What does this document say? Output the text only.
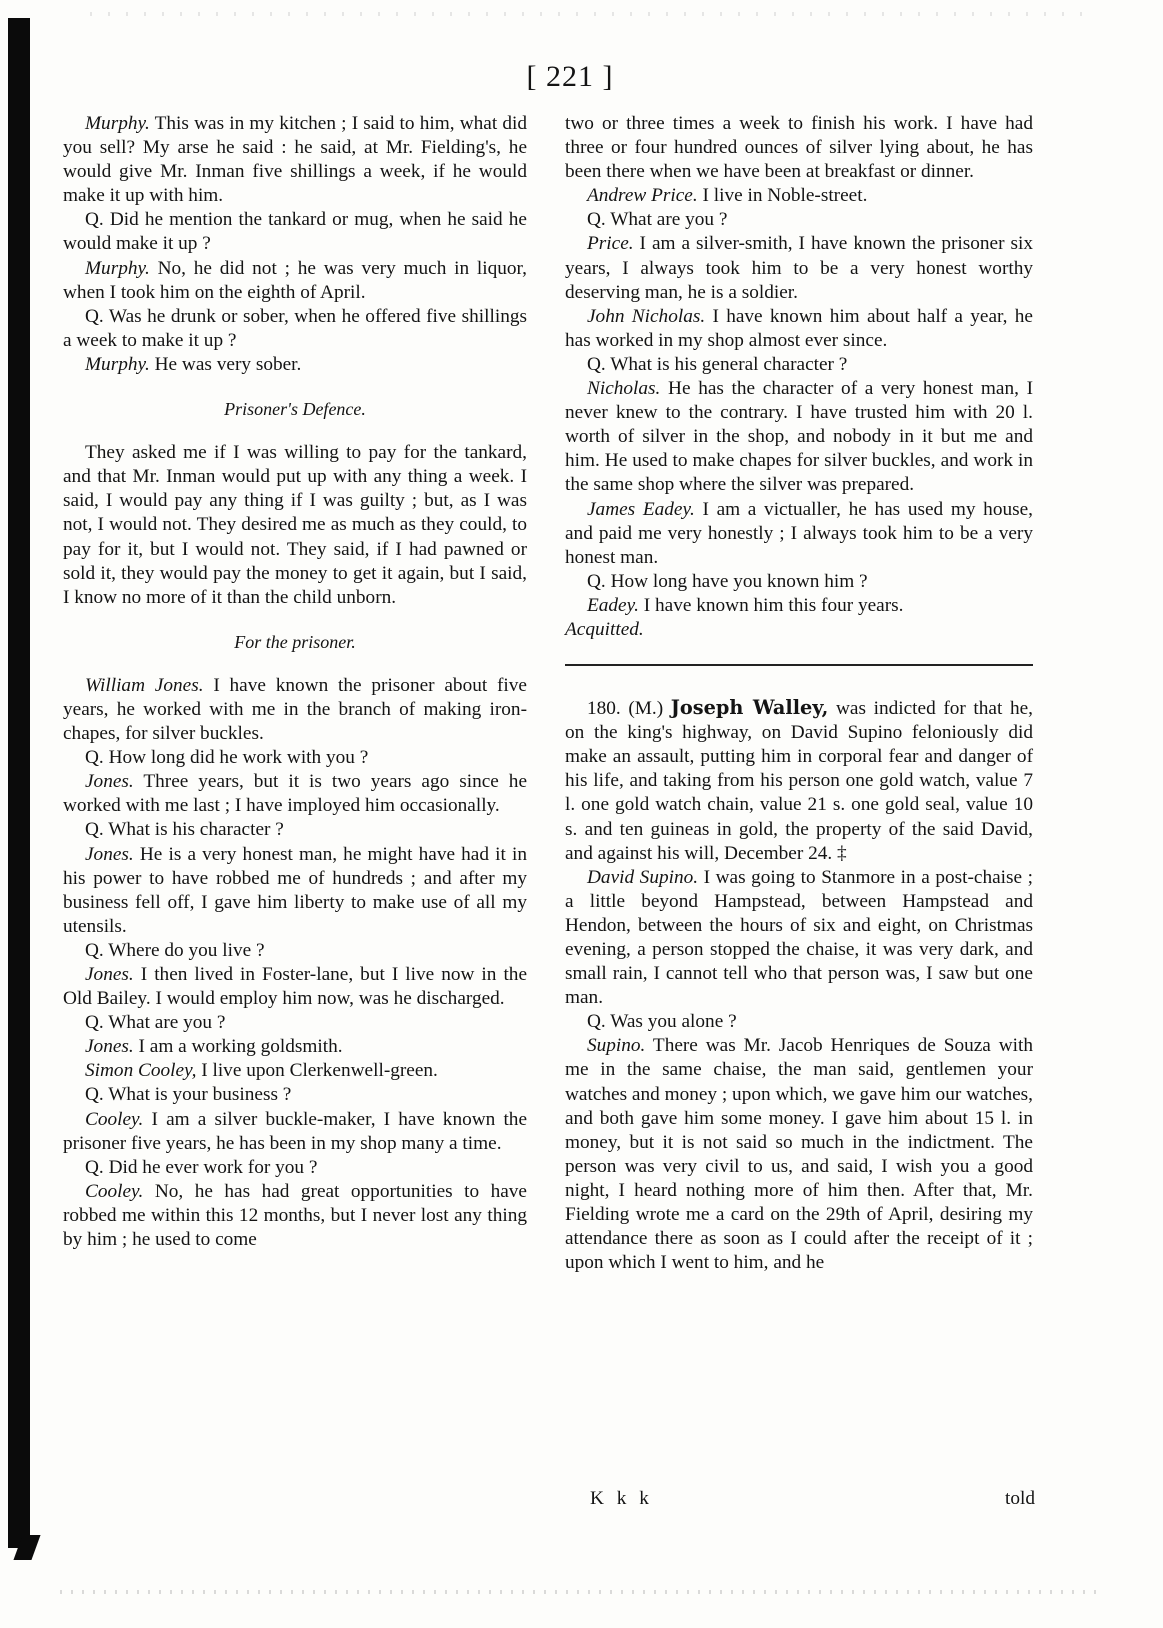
[ 221 ]

Murphy. This was in my kitchen ; I said to him, what did you sell? My arse he said : he said, at Mr. Fielding's, he would give Mr. Inman five shillings a week, if he would make it up with him.

Q. Did he mention the tankard or mug, when he said he would make it up ?

Murphy. No, he did not ; he was very much in liquor, when I took him on the eighth of April.

Q. Was he drunk or sober, when he offered five shillings a week to make it up ?

Murphy. He was very sober.

Prisoner's Defence.

They asked me if I was willing to pay for the tankard, and that Mr. Inman would put up with any thing a week. I said, I would pay any thing if I was guilty ; but, as I was not, I would not. They desired me as much as they could, to pay for it, but I would not. They said, if I had pawned or sold it, they would pay the money to get it again, but I said, I know no more of it than the child unborn.

For the prisoner.

William Jones. I have known the prisoner about five years, he worked with me in the branch of making iron-chapes, for silver buckles.

Q. How long did he work with you ?

Jones. Three years, but it is two years ago since he worked with me last ; I have imployed him occasionally.

Q. What is his character ?

Jones. He is a very honest man, he might have had it in his power to have robbed me of hundreds ; and after my business fell off, I gave him liberty to make use of all my utensils.

Q. Where do you live ?

Jones. I then lived in Foster-lane, but I live now in the Old Bailey. I would employ him now, was he discharged.

Q. What are you ?

Jones. I am a working goldsmith.

Simon Cooley, I live upon Clerkenwell-green.

Q. What is your business ?

Cooley. I am a silver buckle-maker, I have known the prisoner five years, he has been in my shop many a time.

Q. Did he ever work for you ?

Cooley. No, he has had great opportunities to have robbed me within this 12 months, but I never lost any thing by him ; he used to come

two or three times a week to finish his work. I have had three or four hundred ounces of silver lying about, he has been there when we have been at breakfast or dinner.

Andrew Price. I live in Noble-street.

Q. What are you ?

Price. I am a silver-smith, I have known the prisoner six years, I always took him to be a very honest worthy deserving man, he is a soldier.

John Nicholas. I have known him about half a year, he has worked in my shop almost ever since.

Q. What is his general character ?

Nicholas. He has the character of a very honest man, I never knew to the contrary. I have trusted him with 20 l. worth of silver in the shop, and nobody in it but me and him. He used to make chapes for silver buckles, and work in the same shop where the silver was prepared.

James Eadey. I am a victualler, he has used my house, and paid me very honestly ; I always took him to be a very honest man.

Q. How long have you known him ?

Eadey. I have known him this four years.

Acquitted.

180. (M.) Joseph Walley, was indicted for that he, on the king's highway, on David Supino feloniously did make an assault, putting him in corporal fear and danger of his life, and taking from his person one gold watch, value 7 l. one gold watch chain, value 21 s. one gold seal, value 10 s. and ten guineas in gold, the property of the said David, and against his will, December 24. ‡

David Supino. I was going to Stanmore in a post-chaise ; a little beyond Hampstead, between Hampstead and Hendon, between the hours of six and eight, on Christmas evening, a person stopped the chaise, it was very dark, and small rain, I cannot tell who that person was, I saw but one man.

Q. Was you alone ?

Supino. There was Mr. Jacob Henriques de Souza with me in the same chaise, the man said, gentlemen your watches and money ; upon which, we gave him our watches, and both gave him some money. I gave him about 15 l. in money, but it is not said so much in the indictment. The person was very civil to us, and said, I wish you a good night, I heard nothing more of him then. After that, Mr. Fielding wrote me a card on the 29th of April, desiring my attendance there as soon as I could after the receipt of it ; upon which I went to him, and he

K k k	told
